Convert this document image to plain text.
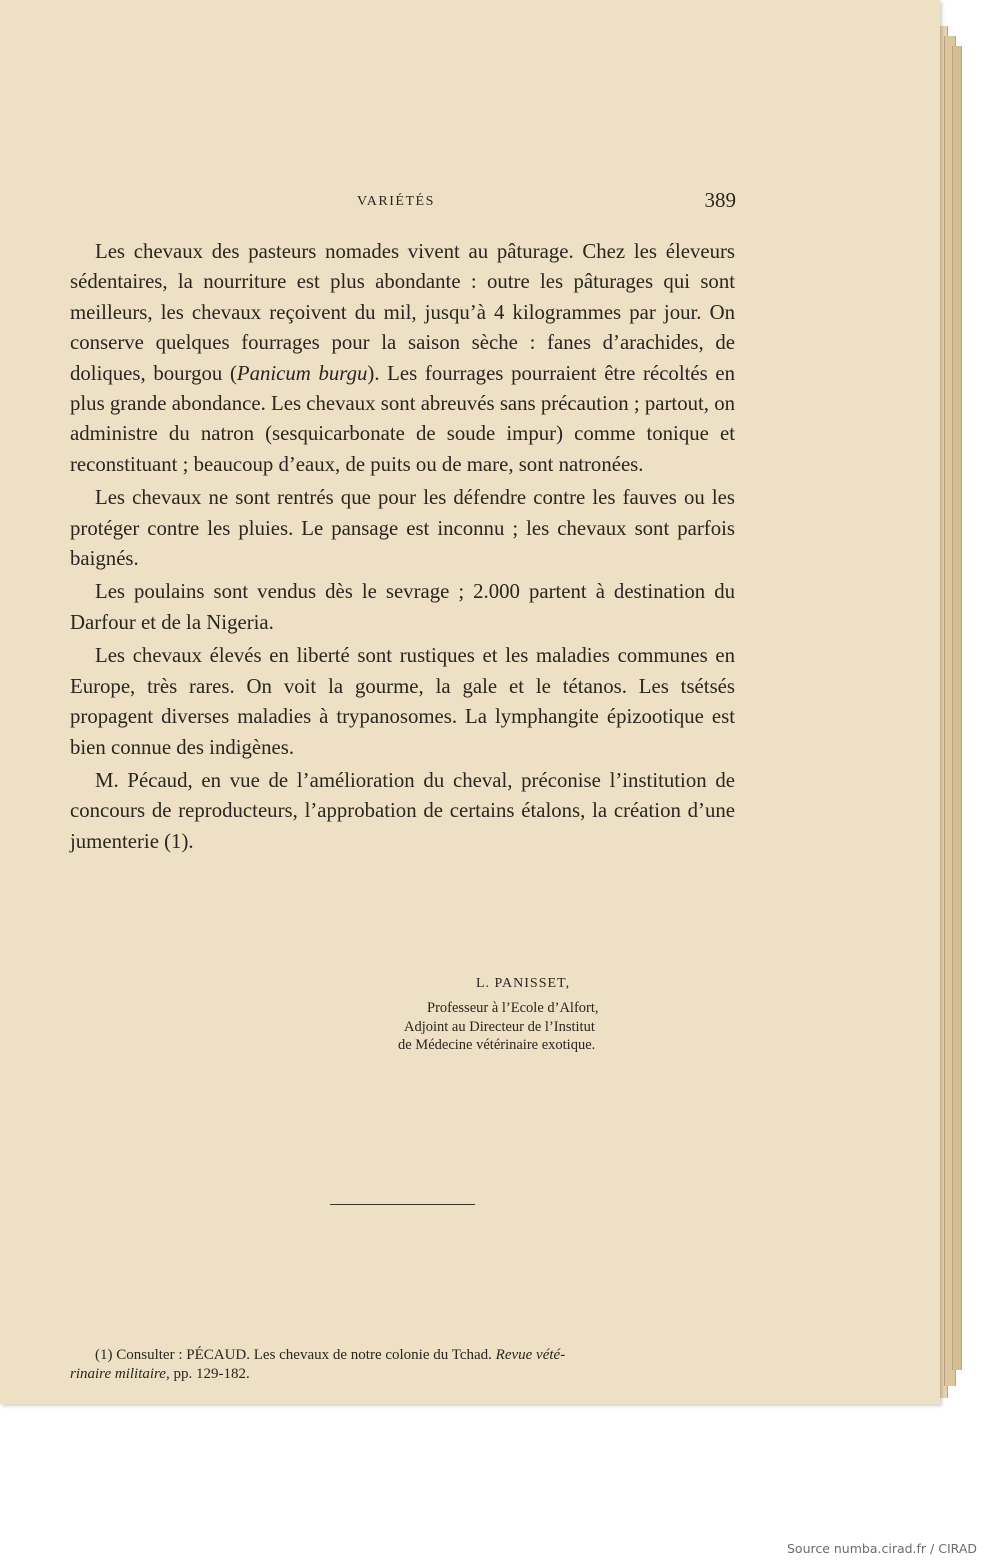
VARIÉTÉS	389

Les chevaux des pasteurs nomades vivent au pâturage. Chez les éleveurs sédentaires, la nourriture est plus abondante : outre les pâturages qui sont meilleurs, les chevaux reçoivent du mil, jusqu’à 4 kilogrammes par jour. On conserve quelques fourrages pour la saison sèche : fanes d’arachides, de doliques, bourgou (Panicum burgu). Les fourrages pourraient être récoltés en plus grande abondance. Les chevaux sont abreuvés sans précaution ; partout, on administre du natron (sesquicarbonate de soude impur) comme tonique et reconstituant ; beaucoup d’eaux, de puits ou de mare, sont natronées.

Les chevaux ne sont rentrés que pour les défendre contre les fauves ou les protéger contre les pluies. Le pansage est inconnu ; les chevaux sont parfois baignés.

Les poulains sont vendus dès le sevrage ; 2.000 partent à destination du Darfour et de la Nigeria.

Les chevaux élevés en liberté sont rustiques et les maladies communes en Europe, très rares. On voit la gourme, la gale et le tétanos. Les tsétsés propagent diverses maladies à trypanosomes. La lymphangite épizootique est bien connue des indigènes.

M. Pécaud, en vue de l’amélioration du cheval, préconise l’institution de concours de reproducteurs, l’approbation de certains étalons, la création d’une jumenterie (1).

L. PANISSET,
Professeur à l’Ecole d’Alfort,
Adjoint au Directeur de l’Institut
de Médecine vétérinaire exotique.
(1) Consulter : PÉCAUD. Les chevaux de notre colonie du Tchad. Revue vété-
rinaire militaire, pp. 129-182.
Source numba.cirad.fr / CIRAD
